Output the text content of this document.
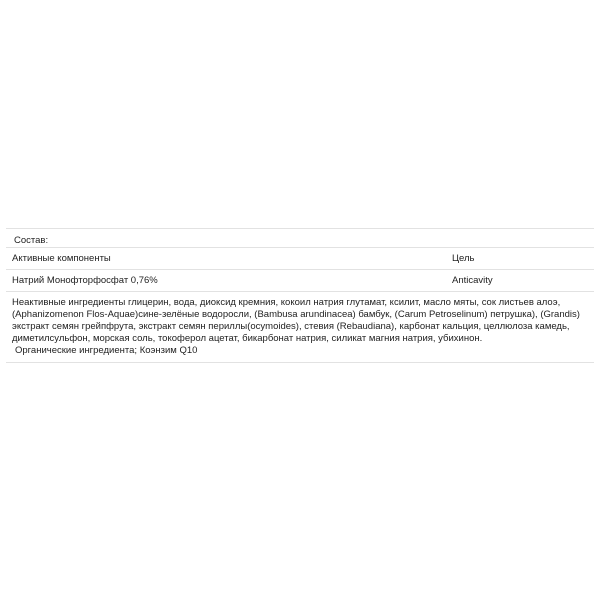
Состав:
Активные компоненты	Цель
Натрий Монофторфосфат 0,76%	Anticavity

Неактивные ингредиенты глицерин, вода, диоксид кремния, кокоил натрия глутамат, ксилит, масло мяты, сок листьев алоэ, (Aphanizomenon Flos-Aquae)сине-зелёные водоросли, (Bambusa arundinacea) бамбук, (Carum Petroselinum) петрушка), (Grandis) экстракт семян грейпфрута, экстракт семян периллы(ocymoides), стевия (Rebaudiana), карбонат кальция, целлюлоза камедь, диметилсульфон, морская соль, токоферол ацетат, бикарбонат натрия, силикат магния натрия, убихинон.

Органические ингредиента; Коэнзим Q10
